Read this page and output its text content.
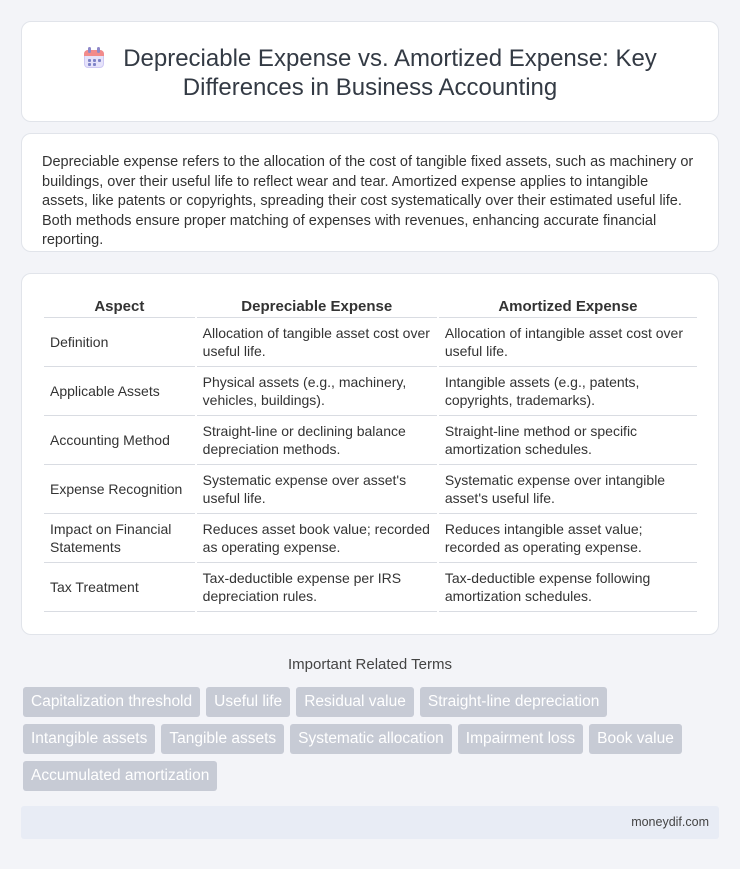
Depreciable Expense vs. Amortized Expense: Key Differences in Business Accounting

Depreciable expense refers to the allocation of the cost of tangible fixed assets, such as machinery or buildings, over their useful life to reflect wear and tear. Amortized expense applies to intangible assets, like patents or copyrights, spreading their cost systematically over their estimated useful life. Both methods ensure proper matching of expenses with revenues, enhancing accurate financial reporting.

Aspect	Depreciable Expense	Amortized Expense
Definition	Allocation of tangible asset cost over useful life.	Allocation of intangible asset cost over useful life.
Applicable Assets	Physical assets (e.g., machinery, vehicles, buildings).	Intangible assets (e.g., patents, copyrights, trademarks).
Accounting Method	Straight-line or declining balance depreciation methods.	Straight-line method or specific amortization schedules.
Expense Recognition	Systematic expense over asset's useful life.	Systematic expense over intangible asset's useful life.
Impact on Financial Statements	Reduces asset book value; recorded as operating expense.	Reduces intangible asset value; recorded as operating expense.
Tax Treatment	Tax-deductible expense per IRS depreciation rules.	Tax-deductible expense following amortization schedules.
Important Related Terms
Capitalization threshold	Useful life	Residual value	Straight-line depreciation
Intangible assets	Tangible assets	Systematic allocation	Impairment loss	Book value
Accumulated amortization
moneydif.com
